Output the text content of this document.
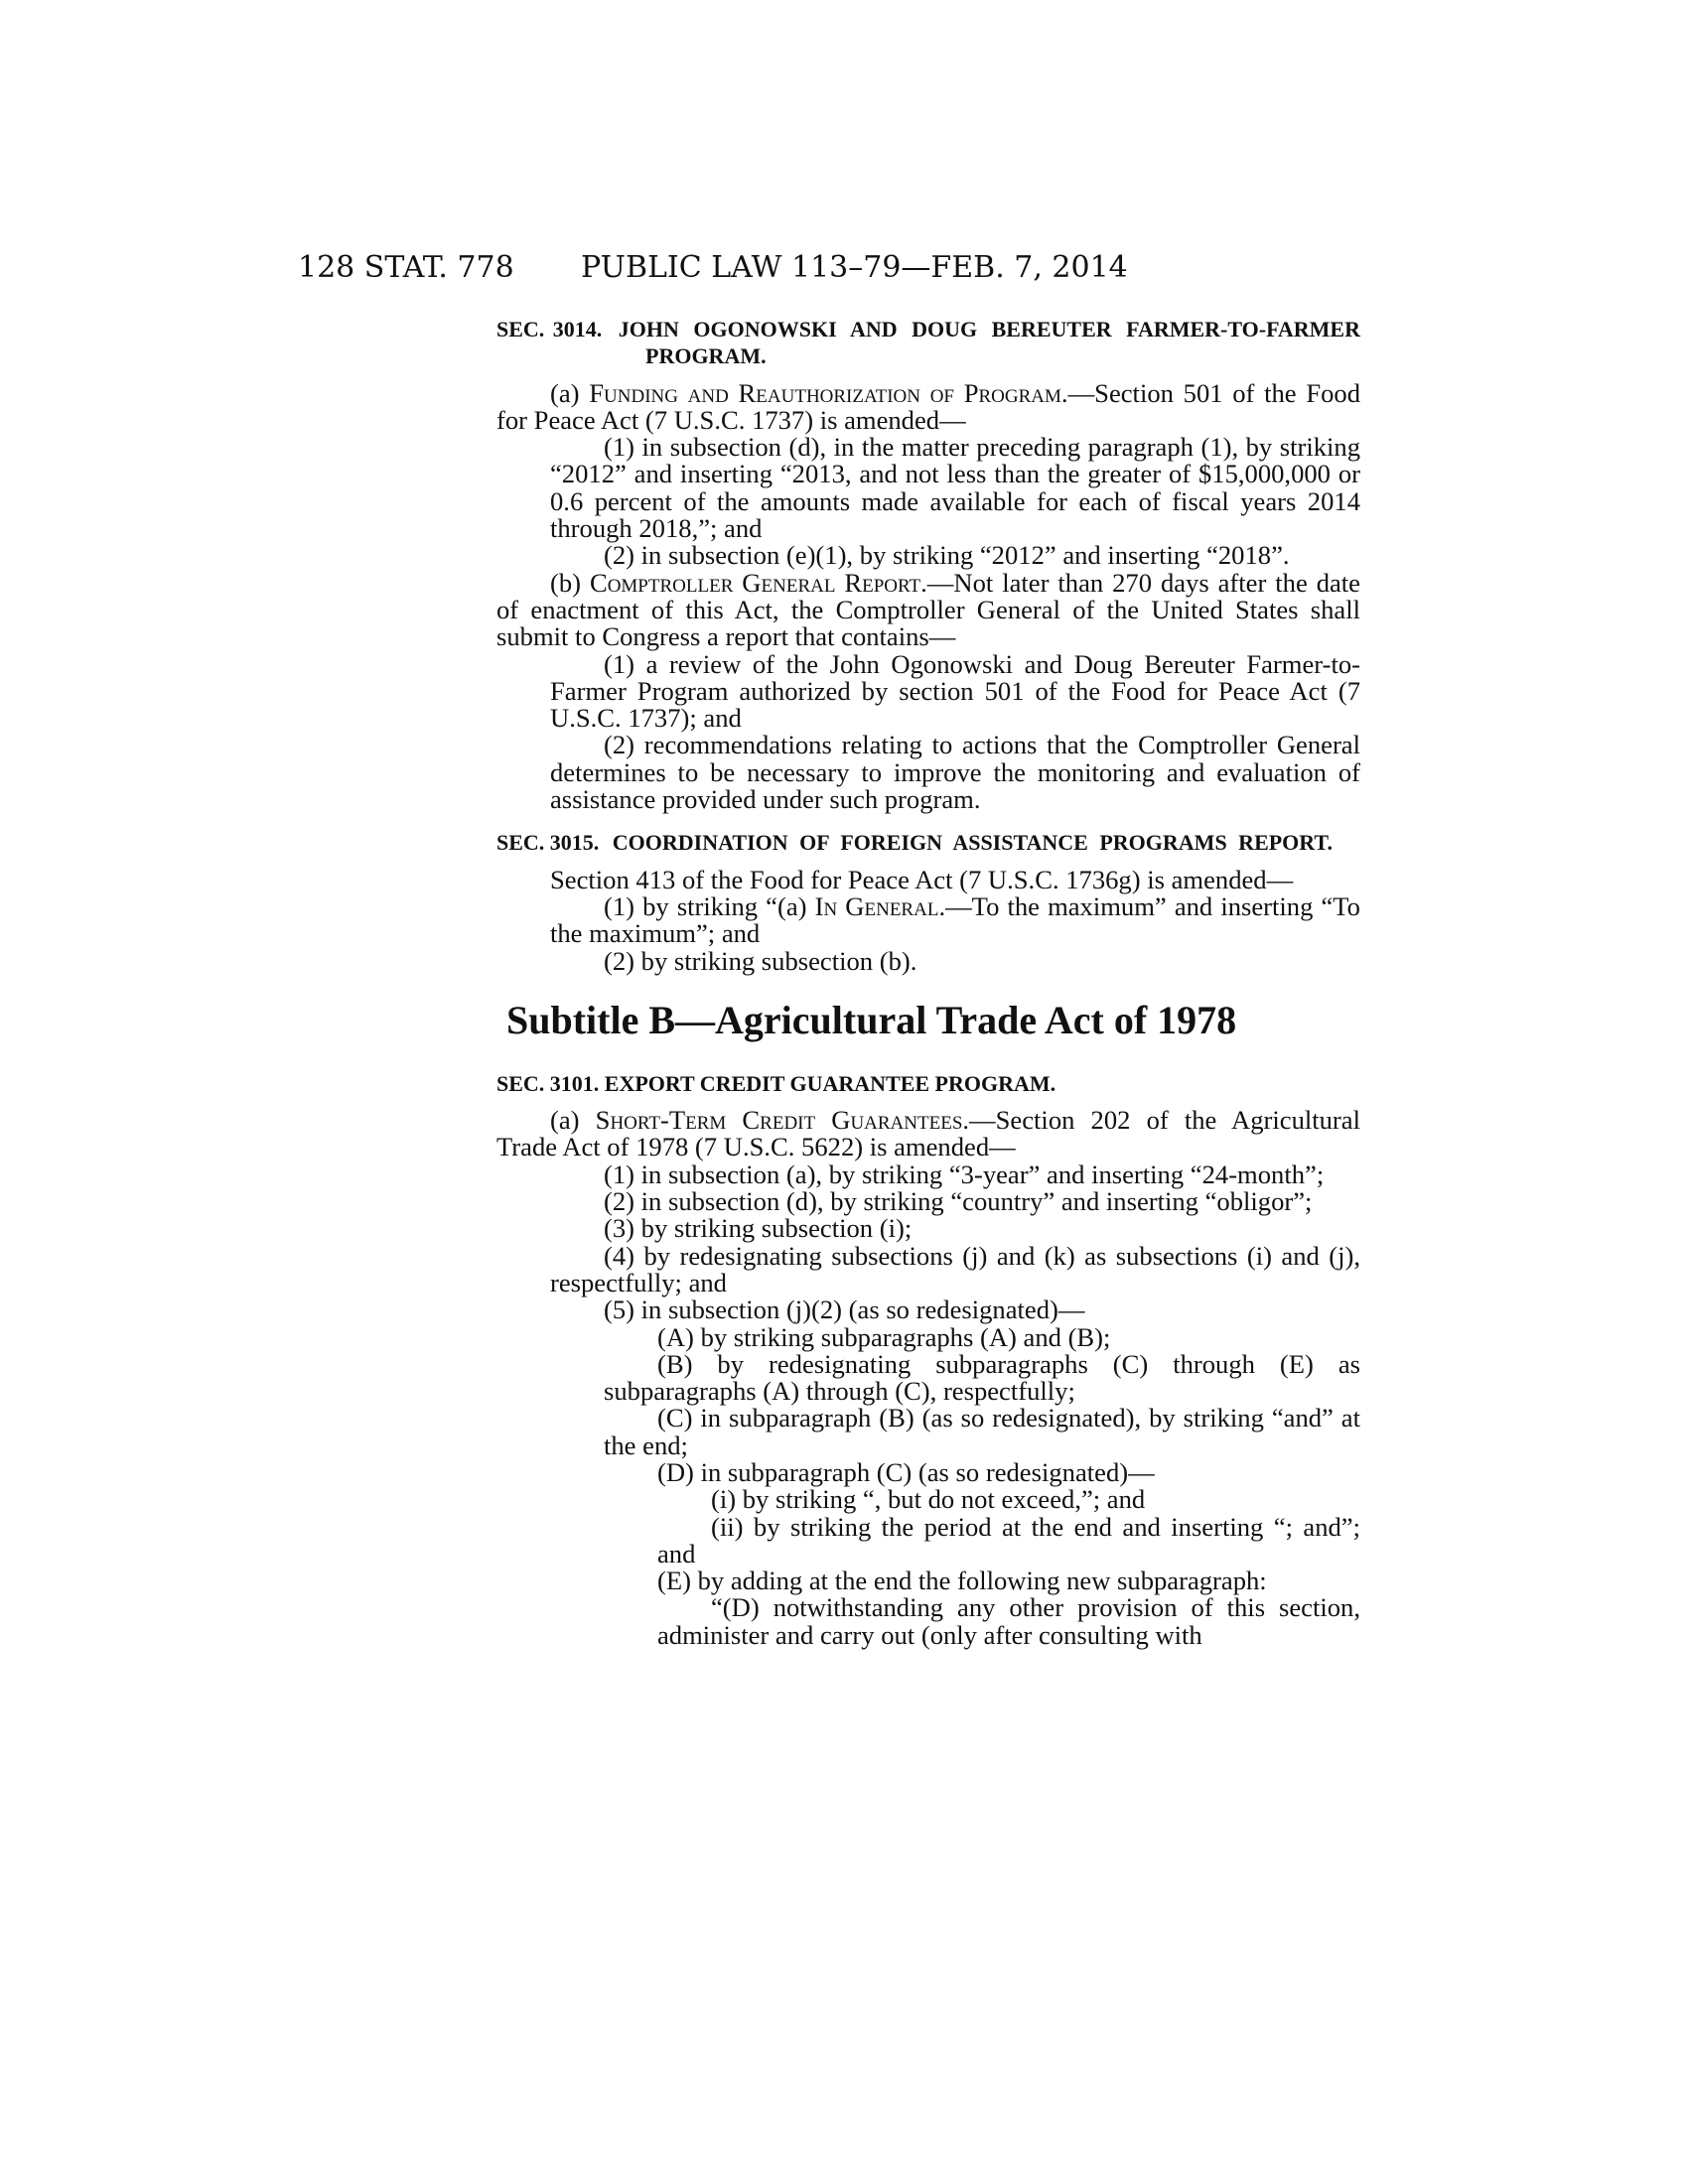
128 STAT. 778 PUBLIC LAW 113–79—FEB. 7, 2014

SEC. 3014. JOHN OGONOWSKI AND DOUG BEREUTER FARMER-TO-FARMER PROGRAM.

(a) Funding and Reauthorization of Program.—Section 501 of the Food for Peace Act (7 U.S.C. 1737) is amended—

(1) in subsection (d), in the matter preceding paragraph (1), by striking “2012” and inserting “2013, and not less than the greater of $15,000,000 or 0.6 percent of the amounts made available for each of fiscal years 2014 through 2018,”; and

(2) in subsection (e)(1), by striking “2012” and inserting “2018”.

(b) Comptroller General Report.—Not later than 270 days after the date of enactment of this Act, the Comptroller General of the United States shall submit to Congress a report that contains—

(1) a review of the John Ogonowski and Doug Bereuter Farmer-to-Farmer Program authorized by section 501 of the Food for Peace Act (7 U.S.C. 1737); and

(2) recommendations relating to actions that the Comptroller General determines to be necessary to improve the monitoring and evaluation of assistance provided under such program.

SEC. 3015. COORDINATION OF FOREIGN ASSISTANCE PROGRAMS REPORT.

Section 413 of the Food for Peace Act (7 U.S.C. 1736g) is amended—

(1) by striking “(a) In General.—To the maximum” and inserting “To the maximum”; and

(2) by striking subsection (b).

Subtitle B—Agricultural Trade Act of 1978

SEC. 3101. EXPORT CREDIT GUARANTEE PROGRAM.

(a) Short-Term Credit Guarantees.—Section 202 of the Agricultural Trade Act of 1978 (7 U.S.C. 5622) is amended—

(1) in subsection (a), by striking “3-year” and inserting “24-month”;

(2) in subsection (d), by striking “country” and inserting “obligor”;

(3) by striking subsection (i);

(4) by redesignating subsections (j) and (k) as subsections (i) and (j), respectfully; and

(5) in subsection (j)(2) (as so redesignated)—

(A) by striking subparagraphs (A) and (B);

(B) by redesignating subparagraphs (C) through (E) as subparagraphs (A) through (C), respectfully;

(C) in subparagraph (B) (as so redesignated), by striking “and” at the end;

(D) in subparagraph (C) (as so redesignated)—

(i) by striking “, but do not exceed,”; and

(ii) by striking the period at the end and inserting “; and”; and

(E) by adding at the end the following new subparagraph:

“(D) notwithstanding any other provision of this section, administer and carry out (only after consulting with
